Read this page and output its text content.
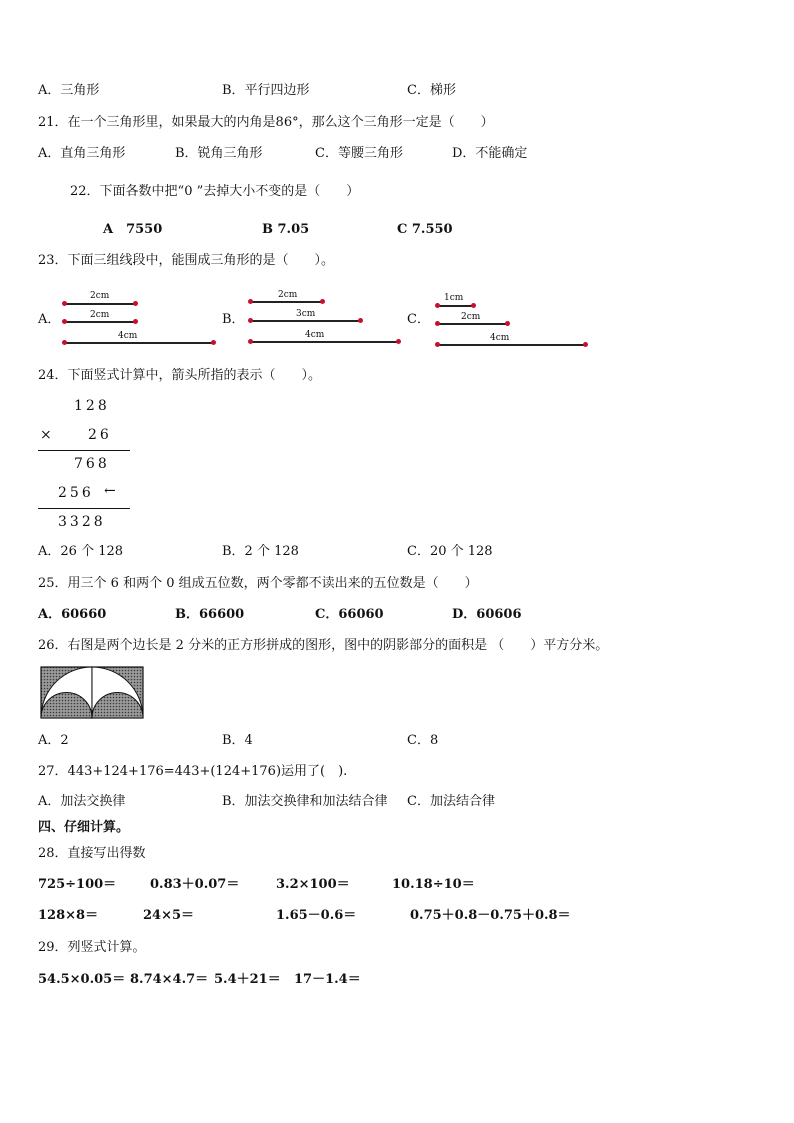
A．三角形	B．平行四边形	C．梯形
21．在一个三角形里，如果最大的内角是86°，那么这个三角形一定是（　　）
A．直角三角形	B．锐角三角形	C．等腰三角形	D．不能确定
22．下面各数中把“0 ”去掉大小不变的是（　　）
A　7550	B 7.05	C 7.550
23．下面三组线段中，能围成三角形的是（　　）。
A．
2cm
2cm
4cm
B．
2cm
3cm
4cm
C．
1cm
2cm
4cm
24．下面竖式计算中，箭头所指的表示（　　）。
128
× 26
768
256 ←
3328
A．26 个 128	B．2 个 128	C．20 个 128
25．用三个 6 和两个 0 组成五位数，两个零都不读出来的五位数是（　　）
A．60660	B．66600	C．66060	D．60606
26．右图是两个边长是 2 分米的正方形拼成的图形，图中的阴影部分的面积是 （　　）平方分米。
A．2	B．4	C．8
27．443+124+176=443+(124+176)运用了(　).
A．加法交换律	B．加法交换律和加法结合律 C．加法结合律
四、仔细计算。
28．直接写出得数
725÷100＝	0.83＋0.07＝	3.2×100＝	10.18÷10＝
128×8＝	24×5＝	1.65－0.6＝	0.75＋0.8－0.75＋0.8＝
29．列竖式计算。
54.5×0.05＝ 8.74×4.7＝ 5.4＋21＝ 17－1.4＝
